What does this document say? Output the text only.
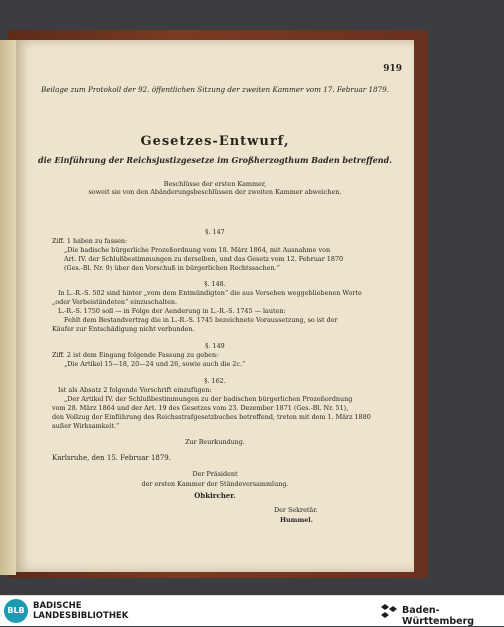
919
Beilage zum Protokoll der 92. öffentlichen Sitzung der zweiten Kammer vom 17. Februar 1879.
Gesetzes-Entwurf,
die Einführung der Reichsjustizgesetze im Großherzogthum Baden betreffend.
Beschlüsse der ersten Kammer,
soweit sie von den Abänderungsbeschlüssen der zweiten Kammer abweichen.
§. 147
Ziff. 1 haben zu fassen:
„Die badische bürgerliche Prozeßordnung vom 18. März 1864, mit Ausnahme von
Art. IV. der Schlußbestimmungen zu derselben, und das Gesetz vom 12. Februar 1870
(Ges.-Bl. Nr. 9) über den Vorschuß in bürgerlichen Rechtssachen.“
§. 148.
In L.-R.-S. 502 sind hinter „vom dem Entmündigten“ die aus Versehen weggebliebenen Worte
„oder Verbeiständeten“ einzuschalten.
L.-R.-S. 1750 soll — in Folge der Aenderung in L.-R.-S. 1745 — lauten:
Fehlt dem Bestandvertrag die in L.-R.-S. 1745 bezeichnete Voraussetzung, so ist der
Käufer zur Entschädigung nicht verbunden.
§. 149
Ziff. 2 ist dem Eingang folgende Fassung zu geben:
„Die Artikel 15—18, 20—24 und 26, sowie auch die 2c.“
§. 162.
Ist als Absatz 2 folgende Vorschrift einzufügen:
„Der Artikel IV. der Schlußbestimmungen zu der badischen bürgerlichen Prozeßordnung
vom 28. März 1864 und der Art. 19 des Gesetzes vom 23. Dezember 1871 (Ges.-Bl. Nr. 51),
den Vollzug der Einführung des Reichsstrafgesetzbuches betreffend, treten mit dem 1. März 1880
außer Wirksamkeit.“
Zur Beurkundung.
Karlsruhe, den 15. Februar 1879.
Der Präsident
der ersten Kammer der Ständeversammlung.
Obkircher.
Der Sekretär.
Hummel.
BLB BADISCHE
LANDESBIBLIOTHEK	Baden-Württemberg
